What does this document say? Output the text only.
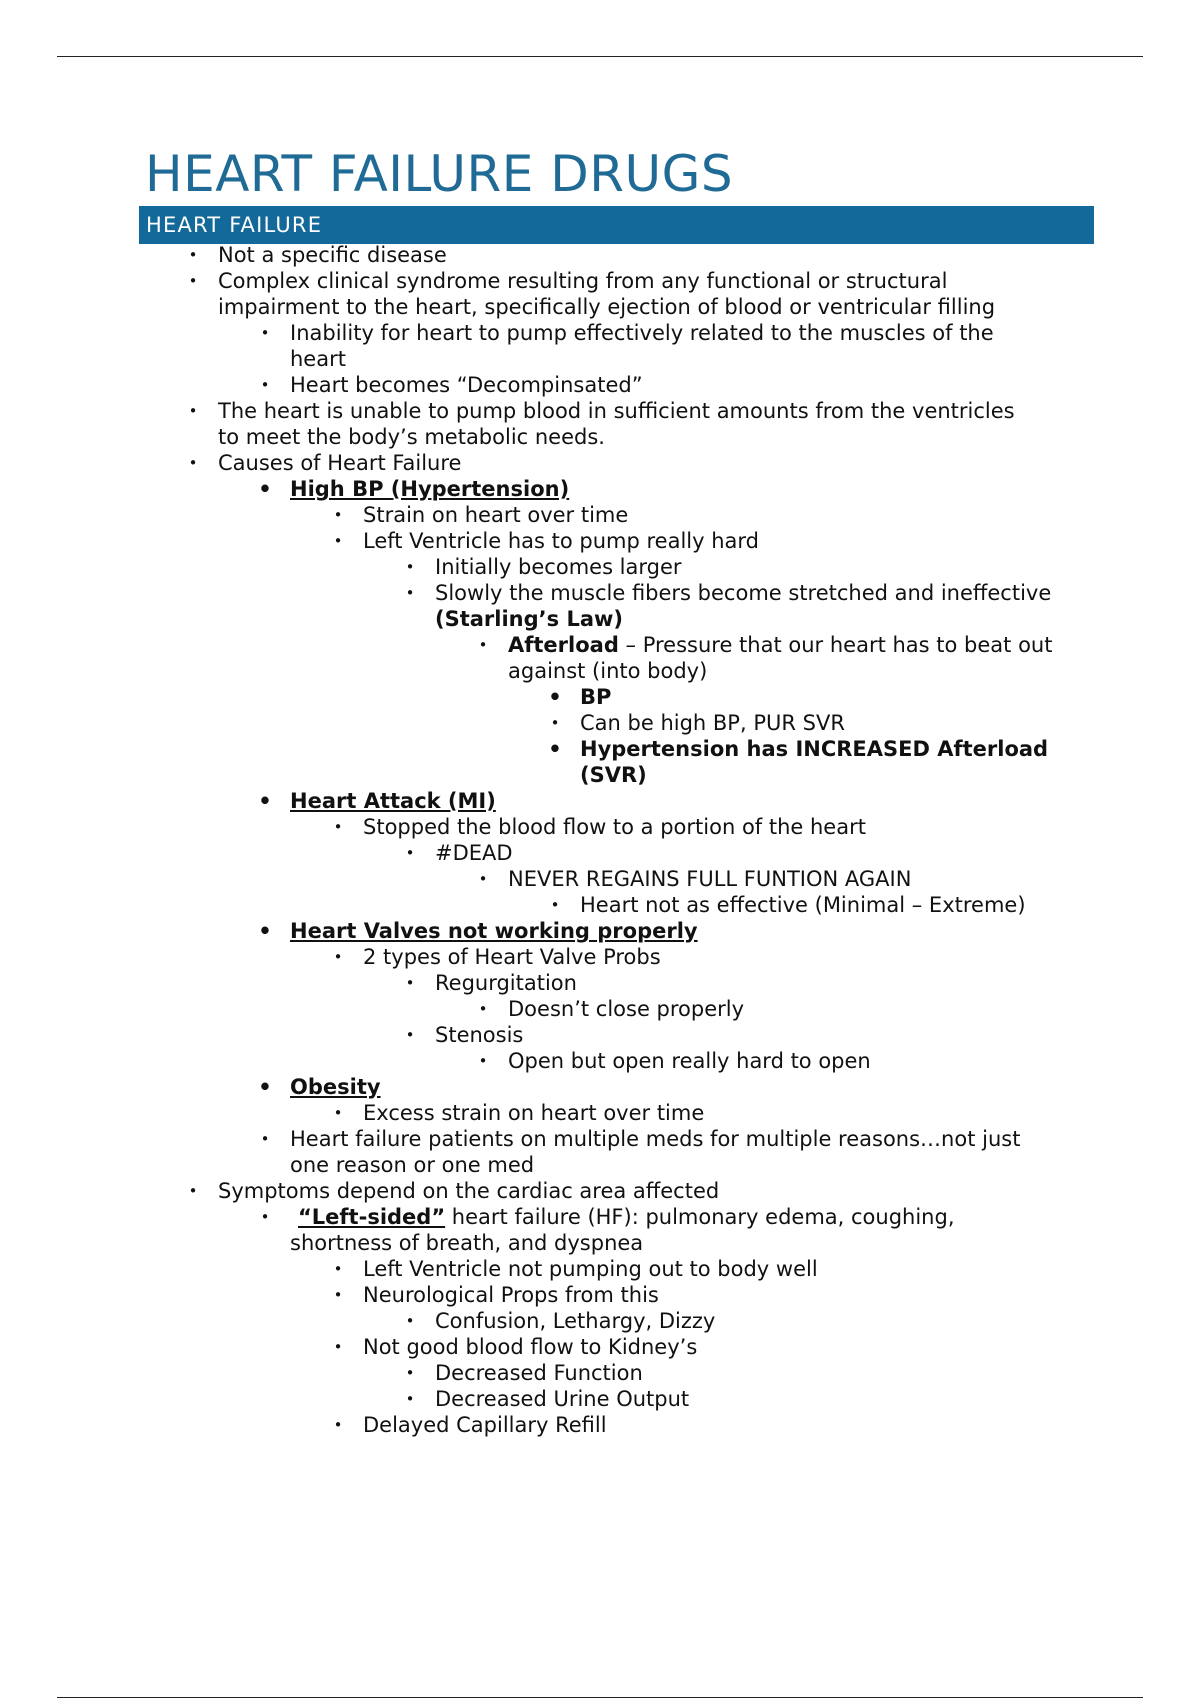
HEART FAILURE DRUGS
HEART FAILURE
• Not a specific disease
• Complex clinical syndrome resulting from any functional or structural
impairment to the heart, specifically ejection of blood or ventricular filling
• Inability for heart to pump effectively related to the muscles of the
heart
• Heart becomes “Decompinsated”
• The heart is unable to pump blood in sufficient amounts from the ventricles
to meet the body’s metabolic needs.
• Causes of Heart Failure
• High BP (Hypertension)
• Strain on heart over time
• Left Ventricle has to pump really hard
• Initially becomes larger
• Slowly the muscle fibers become stretched and ineffective
(Starling’s Law)
• Afterload – Pressure that our heart has to beat out
against (into body)
• BP
• Can be high BP, PUR SVR
• Hypertension has INCREASED Afterload
(SVR)
• Heart Attack (MI)
• Stopped the blood flow to a portion of the heart
• #DEAD
• NEVER REGAINS FULL FUNTION AGAIN
• Heart not as effective (Minimal – Extreme)
• Heart Valves not working properly
• 2 types of Heart Valve Probs
• Regurgitation
• Doesn’t close properly
• Stenosis
• Open but open really hard to open
• Obesity
• Excess strain on heart over time
• Heart failure patients on multiple meds for multiple reasons…not just
one reason or one med
• Symptoms depend on the cardiac area affected
• “Left-sided” heart failure (HF): pulmonary edema, coughing,
shortness of breath, and dyspnea
• Left Ventricle not pumping out to body well
• Neurological Props from this
• Confusion, Lethargy, Dizzy
• Not good blood flow to Kidney’s
• Decreased Function
• Decreased Urine Output
• Delayed Capillary Refill
